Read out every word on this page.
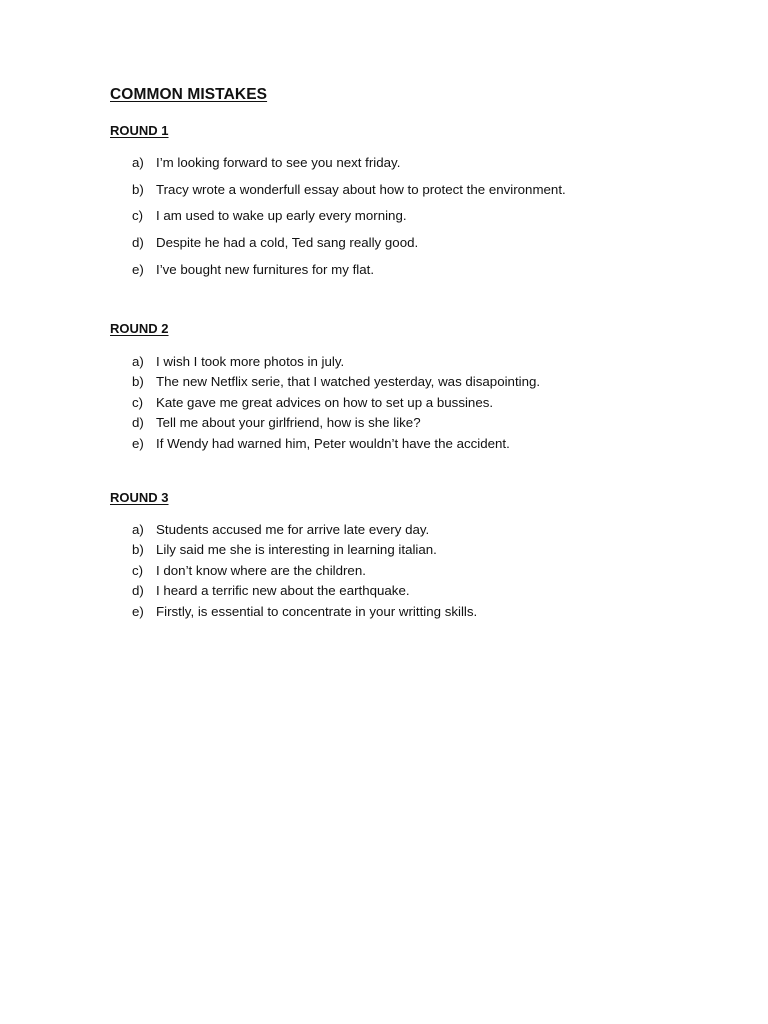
COMMON MISTAKES
ROUND 1
a) I’m looking forward to see you next friday.
b) Tracy wrote a wonderfull essay about how to protect the environment.
c) I am used to wake up early every morning.
d) Despite he had a cold, Ted sang really good.
e) I’ve bought new furnitures for my flat.
ROUND 2
a) I wish I took more photos in july.
b) The new Netflix serie, that I watched yesterday, was disapointing.
c) Kate gave me great advices on how to set up a bussines.
d) Tell me about your girlfriend, how is she like?
e) If Wendy had warned him, Peter wouldn’t have the accident.
ROUND 3
a) Students accused me for arrive late every day.
b) Lily said me she is interesting in learning italian.
c) I don’t know where are the children.
d) I heard a terrific new about the earthquake.
e) Firstly, is essential to concentrate in your writting skills.
